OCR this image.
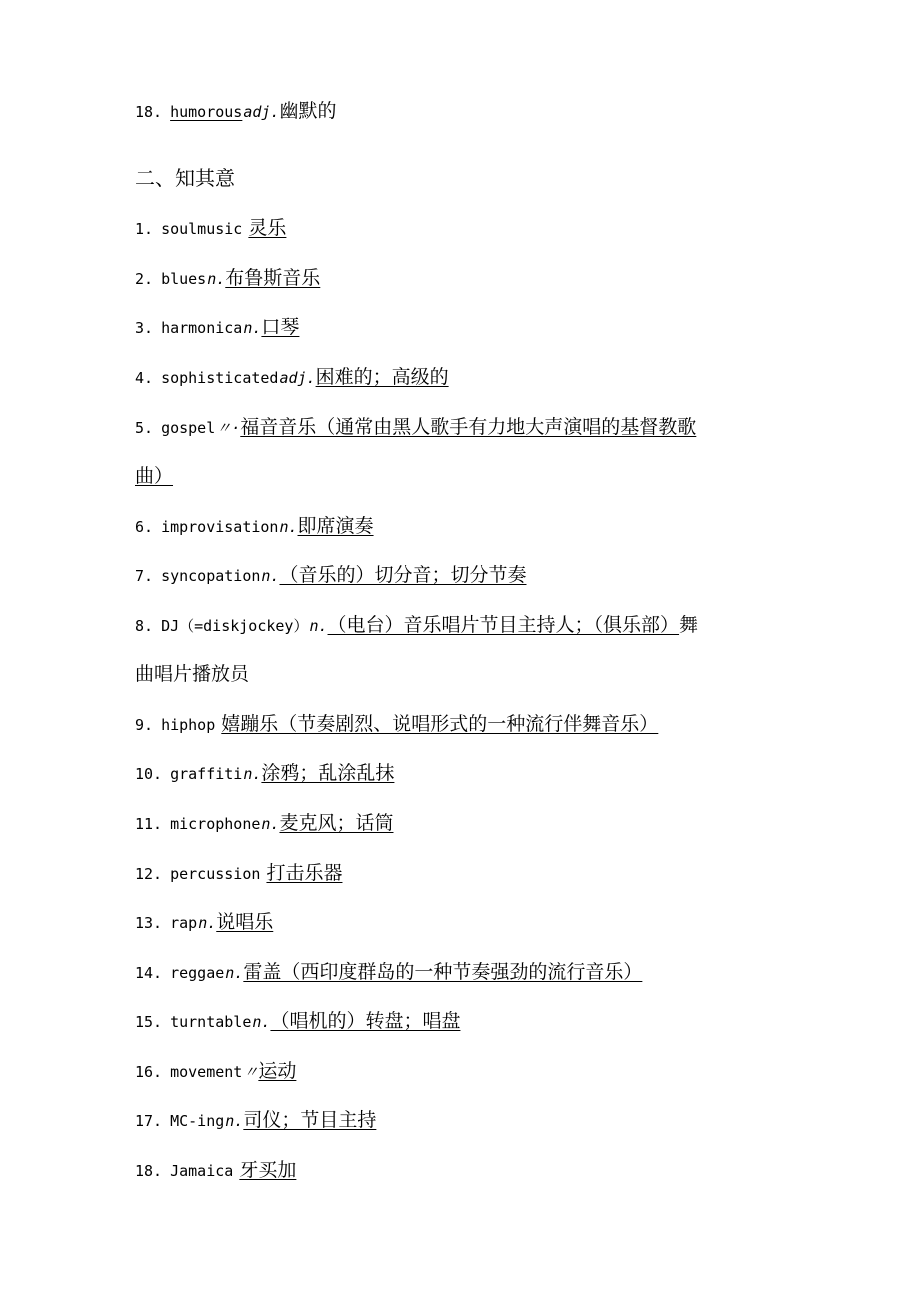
18. humorousadj.幽默的
二、知其意
1. soulmusic 灵乐
2. bluesn.布鲁斯音乐
3. harmonican.口琴
4. sophisticatedadj.困难的；高级的
5. gospel〃·福音音乐（通常由黑人歌手有力地大声演唱的基督教歌
曲）
6. improvisationn.即席演奏
7. syncopationn.（音乐的）切分音；切分节奏
8. DJ（=diskjockey）n.（电台）音乐唱片节目主持人；（俱乐部）舞
曲唱片播放员
9. hiphop 嬉蹦乐（节奏剧烈、说唱形式的一种流行伴舞音乐）
10. graffitin.涂鸦；乱涂乱抹
11. microphonen.麦克风；话筒
12. percussion 打击乐器
13. rapn.说唱乐
14. reggaen.雷盖（西印度群岛的一种节奏强劲的流行音乐）
15. turntablen.（唱机的）转盘；唱盘
16. movement〃运动
17. MC-ingn.司仪；节目主持
18. Jamaica 牙买加
